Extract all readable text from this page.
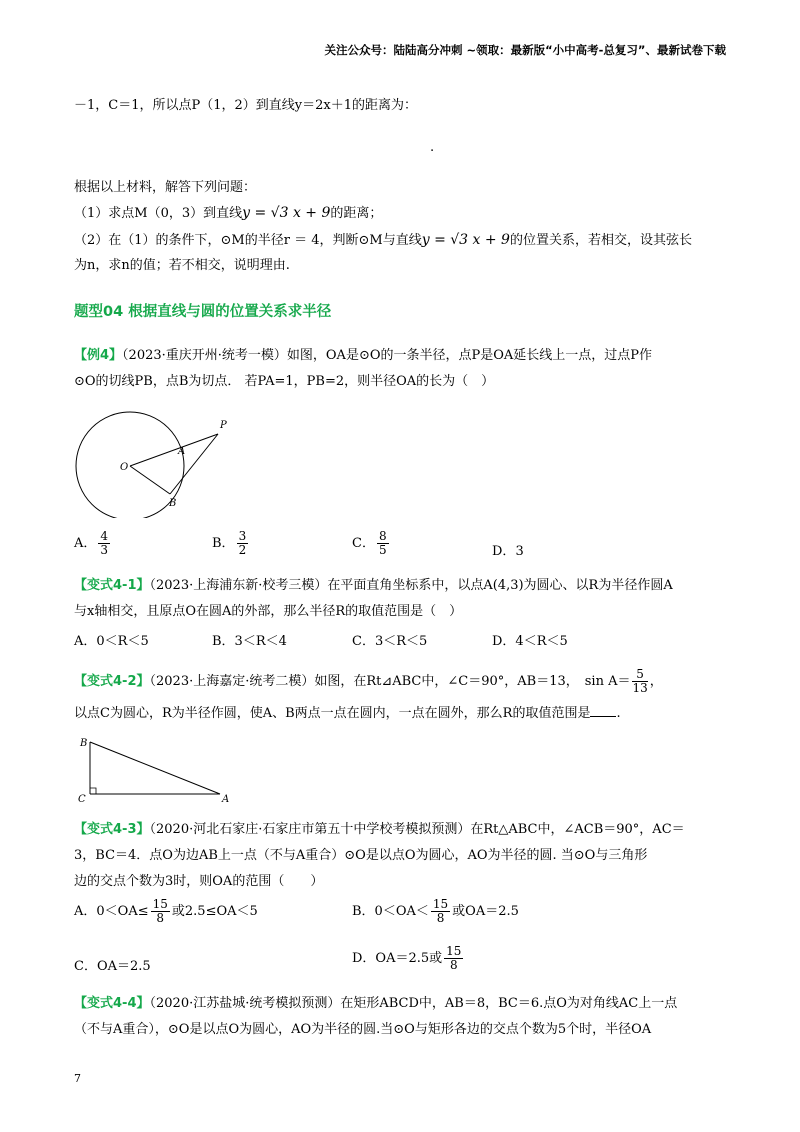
关注公众号：陆陆高分冲刺 ~领取：最新版“小中高考-总复习”、最新试卷下载
－1，C＝1，所以点P（1，2）到直线y＝2x＋1的距离为：
.
根据以上材料，解答下列问题：
（1）求点M（0，3）到直线y = √3 x + 9的距离；
（2）在（1）的条件下，⊙M的半径r ＝ 4，判断⊙M与直线y = √3 x + 9的位置关系，若相交，设其弦长
为n，求n的值；若不相交，说明理由.
题型04 根据直线与圆的位置关系求半径
【例4】（2023·重庆开州·统考一模）如图，OA是⊙O的一条半径，点P是OA延长线上一点，过点P作
⊙O的切线PB，点B为切点． 若PA=1，PB=2，则半径OA的长为（　）
O
A
B
P
A． $\frac{4}{3}$	B． $\frac{3}{2}$	C． $\frac{8}{5}$	D．3
【变式4-1】（2023·上海浦东新·校考三模）在平面直角坐标系中，以点A(4,3)为圆心、以R为半径作圆A
与x轴相交，且原点O在圆A的外部，那么半径R的取值范围是（　）
A．0＜R＜5	B．3＜R＜4	C．3＜R＜5	D．4＜R＜5
【变式4-2】（2023·上海嘉定·统考二模）如图，在Rt⊿ABC中，∠C＝90°，AB＝13， $\sin A= \frac{5}{13}$ ，
以点C为圆心，R为半径作圆，使A、B两点一点在圆内，一点在圆外，那么R的取值范围是 .
B
C	A
【变式4-3】（2020·河北石家庄·石家庄市第五十中学校考模拟预测）在Rt△ABC中，∠ACB＝90°，AC＝
3，BC＝4．点O为边AB上一点（不与A重合）⊙O是以点O为圆心，AO为半径的圆. 当⊙O与三角形
边的交点个数为3时，则OA的范围（　　）
A．$0<OA\le \frac{15}{8}$ 或2.5≤OA＜5	B．$0<OA< \frac{15}{8}$ 或OA＝2.5
C．OA＝2.5
D．OA＝2.5或 $\frac{15}{8}$
【变式4-4】（2020·江苏盐城·统考模拟预测）在矩形ABCD中，AB＝8，BC＝6.点O为对角线AC上一点
（不与A重合），⊙O是以点O为圆心，AO为半径的圆.当⊙O与矩形各边的交点个数为5个时，半径OA
7
